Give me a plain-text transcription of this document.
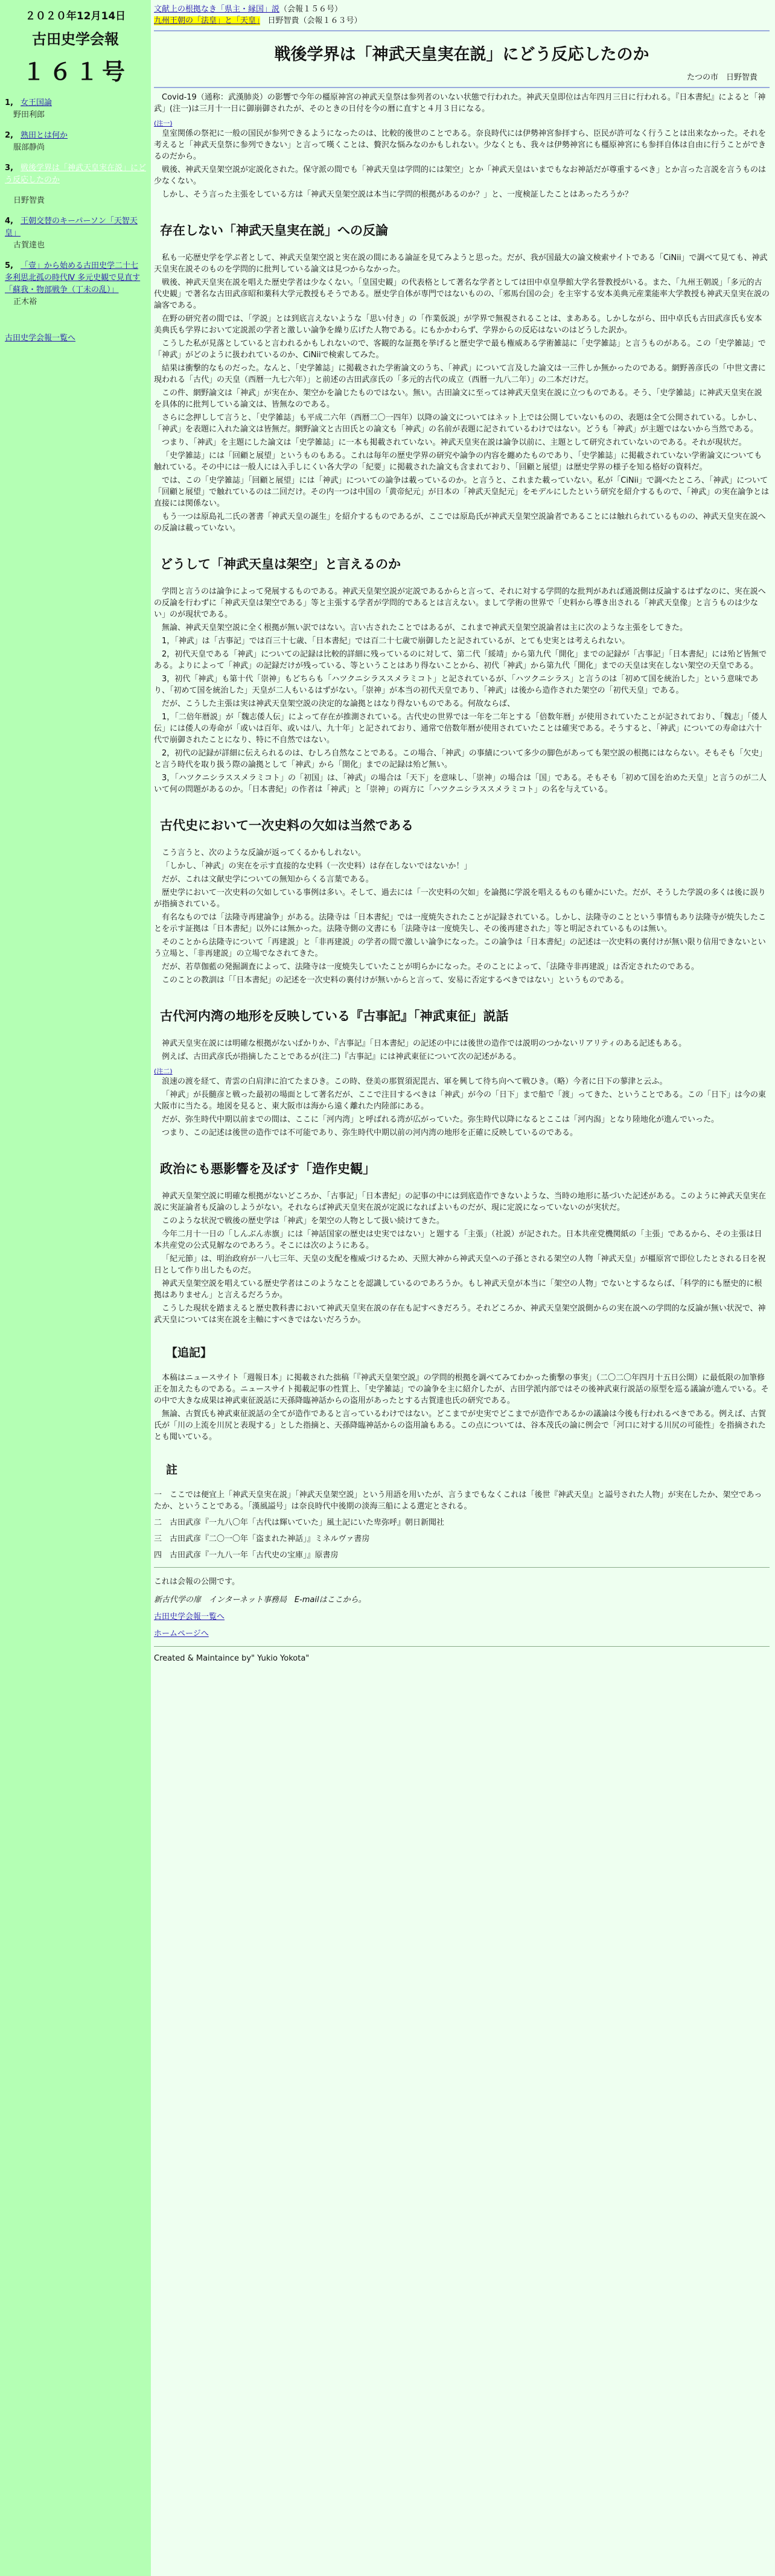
２０２０年12月14日
古田史学会報
１６１号
1, 女王国論
野田利郎
2, 熟田とは何か
服部静尚
3, 戦後学界は「神武天皇実在説」にどう反応したのか
日野智貴
4, 王朝交替のキーパーソン「天智天皇」
古賀達也
5, 「壹」から始める古田史学二十七 多利思北孤の時代Ⅳ 多元史観で見直す「蘇我・物部戦争（丁未の乱）」
正木裕
古田史学会報一覧へ
文献上の根拠なき「県主・縁国」説（会報１５６号）
九州王朝の「法皇」と「天皇」　 日野智貴（会報１６３号）
戦後学界は「神武天皇実在説」にどう反応したのか
たつの市　日野智貴

Covid-19（通称：武漢肺炎）の影響で今年の橿原神宮の神武天皇祭は参列者のいない状態で行われた。神武天皇即位は古年四月三日に行われる。『日本書紀』によると「神武」(注一)は三月十一日に御崩御されたが、そのときの日付を今の暦に直すと４月３日になる。

(注一)

皇室関係の祭祀に一般の国民が参列できるようになったのは、比較的後世のことである。奈良時代には伊勢神宮参拝すら、臣民が許可なく行うことは出来なかった。それを考えると「神武天皇祭に参列できない」と言って嘆くことは、贅沢な悩みなのかもしれない。少なくとも、我々は伊勢神宮にも橿原神宮にも参拝自体は自由に行うことができるのだから。

戦後、神武天皇架空説が定説化された。保守派の間でも「神武天皇は学問的には架空」とか「神武天皇はいまでもなお神話だが尊重するべき」とか言った言説を言うものは少なくない。

しかし、そう言った主張をしている方は「神武天皇架空説は本当に学問的根拠があるのか？」と、一度検証したことはあったろうか？

存在しない「神武天皇実在説」への反論

私も一応歴史学を学ぶ者として、神武天皇架空説と実在説の間にある論証を見てみようと思った。だが、我が国最大の論文検索サイトである「CiNii」で調べて見ても、神武天皇実在説そのものを学問的に批判している論文は見つからなかった。

戦後、神武天皇実在説を唱えた歴史学者は少なくない。「皇国史観」の代表格として著名な学者としては田中卓皇學館大学名誉教授がいる。また、「九州王朝説」「多元的古代史観」で著名な古田武彦昭和薬科大学元教授もそうである。歴史学自体が専門ではないものの、「邪馬台国の会」を主宰する安本美典元産業能率大学教授も神武天皇実在説の論客である。

在野の研究者の間では、「学説」とは到底言えないような「思い付き」の「作業仮説」が学界で無視されることは、まあある。しかしながら、田中卓氏も古田武彦氏も安本美典氏も学界において定説派の学者と激しい論争を繰り広げた人物である。にもかかわらず、学界からの反応はないのはどうした訳か。

こうした私が見落としていると言われるかもしれないので、客観的な証拠を挙げると歴史学で最も権威ある学術雑誌に「史学雑誌」と言うものがある。この「史学雑誌」で「神武」がどのように扱われているのか、CiNiiで検索してみた。

結果は衝撃的なものだった。なんと、「史学雑誌」に掲載された学術論文のうち、「神武」について言及した論文は一三件しか無かったのである。網野善彦氏の「中世文書に現われる「古代」の天皇（西暦一九七六年）」と前述の古田武彦氏の「多元的古代の成立（西暦一九八二年）」の二本だけだ。

この件、網野論文は「神武」が実在か、架空かを論じたものではない。無い。古田論文に至っては神武天皇実在説に立つものである。そう、「史学雑誌」に神武天皇実在説を具体的に批判している論文は、皆無なのである。

さらに念押しして言うと、「史学雑誌」も平成二六年（西暦二〇一四年）以降の論文についてはネット上では公開していないものの、表題は全て公開されている。しかし、「神武」を表題に入れた論文は皆無だ。網野論文と古田氏との論文も「神武」の名前が表題に記されているわけではない。どうも「神武」が主題ではないから当然である。

つまり、「神武」を主題にした論文は「史学雑誌」に一本も掲載されていない。神武天皇実在説は論争以前に、主題として研究されていないのである。それが現状だ。

「史学雑誌」には「回顧と展望」というものもある。これは毎年の歴史学界の研究や論争の内容を纏めたものであり、「史学雑誌」に掲載されていない学術論文についても触れている。その中には一般人には入手しにくい各大学の「紀要」に掲載された論文も含まれており、「回顧と展望」は歴史学界の様子を知る格好の資料だ。

では、この「史学雑誌」「回顧と展望」には「神武」についての論争は載っているのか。と言うと、これまた載っていない。私が「CiNii」で調べたところ、「神武」について「回顧と展望」で触れているのは二回だけ。その内一つは中国の「黄帝紀元」が日本の「神武天皇紀元」をモデルにしたという研究を紹介するもので、「神武」の実在論争とは直接には関係ない。

もう一つは原島礼二氏の著書「神武天皇の誕生」を紹介するものであるが、ここでは原島氏が神武天皇架空説論者であることには触れられているものの、神武天皇実在説への反論は載っていない。

どうして「神武天皇は架空」と言えるのか

学問と言うのは論争によって発展するものである。神武天皇架空説が定説であるからと言って、それに対する学問的な批判があれば通説側は反論するはずなのに、実在説への反論を行わずに「神武天皇は架空である」等と主張する学者が学問的であるとは言えない。まして学術の世界で「史料から導き出される「神武天皇像」と言うものは少ない」のが現状である。

無論、神武天皇架空説に全く根拠が無い訳ではない。言い古されたことではあるが、これまで神武天皇架空説論者は主に次のような主張をしてきた。

1，「神武」は「古事記」では百三十七歳、「日本書紀」では百二十七歳で崩御したと記されているが、とても史実とは考えられない。

2，初代天皇である「神武」についての記録は比較的詳細に残っているのに対して、第二代「綏靖」から第九代「開化」までの記録が「古事記」「日本書紀」には殆ど皆無である。よりによって「神武」の記録だけが残っている、等ということはあり得ないことから、初代「神武」から第九代「開化」までの天皇は実在しない架空の天皇である。

3，初代「神武」も第十代「崇神」もどちらも「ハツクニシラススメラミコト」と記されているが、「ハツクニシラス」と言うのは「初めて国を統治した」という意味であり、「初めて国を統治した」天皇が二人もいるはずがない。「崇神」が本当の初代天皇であり、「神武」は後から造作された架空の「初代天皇」である。

だが、こうした主張は実は神武天皇架空説の決定的な論拠とはなり得ないものである。何故ならば、

1，「二倍年暦説」が「魏志倭人伝」によって存在が推測されている。古代史の世界では一年を二年とする「倍数年暦」が使用されていたことが記されており、「魏志」「倭人伝」には倭人の寿命が「或いは百年、或いは八、九十年」と記されており、通常で倍数年暦が使用されていたことは確実である。そうすると、「神武」についての寿命は六十代で崩御されたことになり、特に不自然ではない。

2，初代の記録が詳細に伝えられるのは、むしろ自然なことである。この場合、「神武」の事績について多少の脚色があっても架空説の根拠にはならない。そもそも「欠史」と言う時代を取り扱う際の論拠として「神武」から「開化」までの記録は殆ど無い。

3，「ハツクニシラススメラミコト」の「初国」は、「神武」の場合は「天下」を意味し、「崇神」の場合は「国」である。そもそも「初めて国を治めた天皇」と言うのが二人いて何の問題があるのか。「日本書紀」の作者は「神武」と「崇神」の両方に「ハツクニシラススメラミコト」の名を与えている。

古代史において一次史料の欠如は当然である

こう言うと、次のような反論が返ってくるかもしれない。

「しかし、「神武」の実在を示す直接的な史料（一次史料）は存在しないではないか！」

だが、これは文献史学についての無知からくる言葉である。

歴史学において一次史料の欠如している事例は多い。そして、過去には「一次史料の欠如」を論拠に学説を唱えるものも確かにいた。だが、そうした学説の多くは後に誤りが指摘されている。

有名なものでは「法隆寺再建論争」がある。法隆寺は「日本書紀」では一度焼失されたことが記録されている。しかし、法隆寺のことという事情もあり法隆寺が焼失したことを示す証拠は「日本書紀」以外には無かった。法隆寺側の文書にも「法隆寺は一度焼失し、その後再建された」等と明記されているものは無い。

そのことから法隆寺について「再建説」と「非再建説」の学者の間で激しい論争になった。この論争は「日本書紀」の記述は一次史料の裏付けが無い限り信用できないという立場と、「非再建説」の立場でなされてきた。

だが、若草伽藍の発掘調査によって、法隆寺は一度焼失していたことが明らかになった。そのことによって、「法隆寺非再建説」は否定されたのである。

このことの教訓は「「日本書紀」の記述を一次史料の裏付けが無いからと言って、安易に否定するべきではない」というものである。

古代河内湾の地形を反映している『古事記』「神武東征」説話

神武天皇実在説には明確な根拠がないばかりか、『古事記』「日本書紀」の記述の中には後世の造作では説明のつかないリアリティのある記述もある。

例えば、古田武彦氏が指摘したことであるが(注二)『古事記』には神武東征について次の記述がある。

(注二)

浪速の渡を経て、青雲の白肩津に泊てたまひき。この時、登美の那賀須泥毘古、軍を興して待ち向へて戦ひき。（略）今者に日下の蓼津と云ふ。

「神武」が長髄彦と戦った最初の場面として著名だが、ここで注目するべきは「神武」が今の「日下」まで船で「渡」ってきた、ということである。この「日下」は今の東大阪市に当たる。地図を見ると、東大阪市は海から遠く離れた内陸部にある。

だが、弥生時代中期以前までの間は、ここに「河内湾」と呼ばれる湾が広がっていた。弥生時代以降になるとここは「河内潟」となり陸地化が進んでいった。

つまり、この記述は後世の造作では不可能であり、弥生時代中期以前の河内湾の地形を正確に反映しているのである。

政治にも悪影響を及ぼす「造作史観」

神武天皇架空説に明確な根拠がないどころか、「古事記」「日本書紀」の記事の中には到底造作できないような、当時の地形に基づいた記述がある。このように神武天皇実在説に実証論者も反論のしようがない。それならば神武天皇実在説が定説になればよいものだが、現に定説になっていないのが実状だ。

このような状況で戦後の歴史学は「神武」を架空の人物として扱い続けてきた。

今年二月十一日の「しんぶん赤旗」には「神話国家の歴史は史実ではない」と題する「主張」（社説）が記された。日本共産党機関紙の「主張」であるから、その主張は日本共産党の公式見解なのであろう。そこには次のようにある。

「紀元節」は、明治政府が一八七三年、天皇の支配を権威づけるため、天照大神から神武天皇への子孫とされる架空の人物「神武天皇」が橿原宮で即位したとされる日を祝日として作り出したものだ。

神武天皇架空説を唱えている歴史学者はこのようなことを認識しているのであろうか。もし神武天皇が本当に「架空の人物」でないとするならば、「科学的にも歴史的に根拠はありません」と言えるだろうか。

こうした現状を踏まえると歴史教科書において神武天皇実在説の存在も記すべきだろう。それどころか、神武天皇架空説側からの実在説への学問的な反論が無い状況で、神武天皇については実在説を主軸にすべきではないだろうか。

【追記】

本稿はニュースサイト「週報日本」に掲載された拙稿「『神武天皇架空説』の学問的根拠を調べてみてわかった衝撃の事実」（二〇二〇年四月十五日公開）に最低限の加筆修正を加えたものである。ニュースサイト掲載記事の性質上、「史学雑誌」での論争を主に紹介したが、古田学派内部ではその後神武東行説話の原型を巡る議論が進んでいる。その中で大きな成果は神武東征説話に天孫降臨神話からの盗用があったとする古賀達也氏の研究である。

無論、古賀氏も神武東征説話の全てが造作であると言っているわけではない。どこまでが史実でどこまでが造作であるかの議論は今後も行われるべきである。例えば、古賀氏が「川の上流を川尻と表現する」とした指摘と、天孫降臨神話からの盗用論もある。この点については、谷本茂氏の論に例会で「河口に対する川尻の可能性」を指摘されたとも聞いている。

註
一　ここでは便宜上「神武天皇実在説」「神武天皇架空説」という用語を用いたが、言うまでもなくこれは「後世『神武天皇』と謚号された人物」が実在したか、架空であったか、ということである。「漢風謚号」は奈良時代中後期の淡海三船による選定とされる。
二　古田武彦『一九八〇年「古代は輝いていた」風土記にいた卑弥呼』朝日新聞社
三　古田武彦『二〇一〇年「盗まれた神話」』ミネルヴァ書房
四　古田武彦『一九八一年「古代史の宝庫」』原書房
これは会報の公開です。
新古代学の扉　インターネット事務局　E-mailはここから。
古田史学会報一覧へ
ホームページへ
Created & Maintaince by" Yukio Yokota"
